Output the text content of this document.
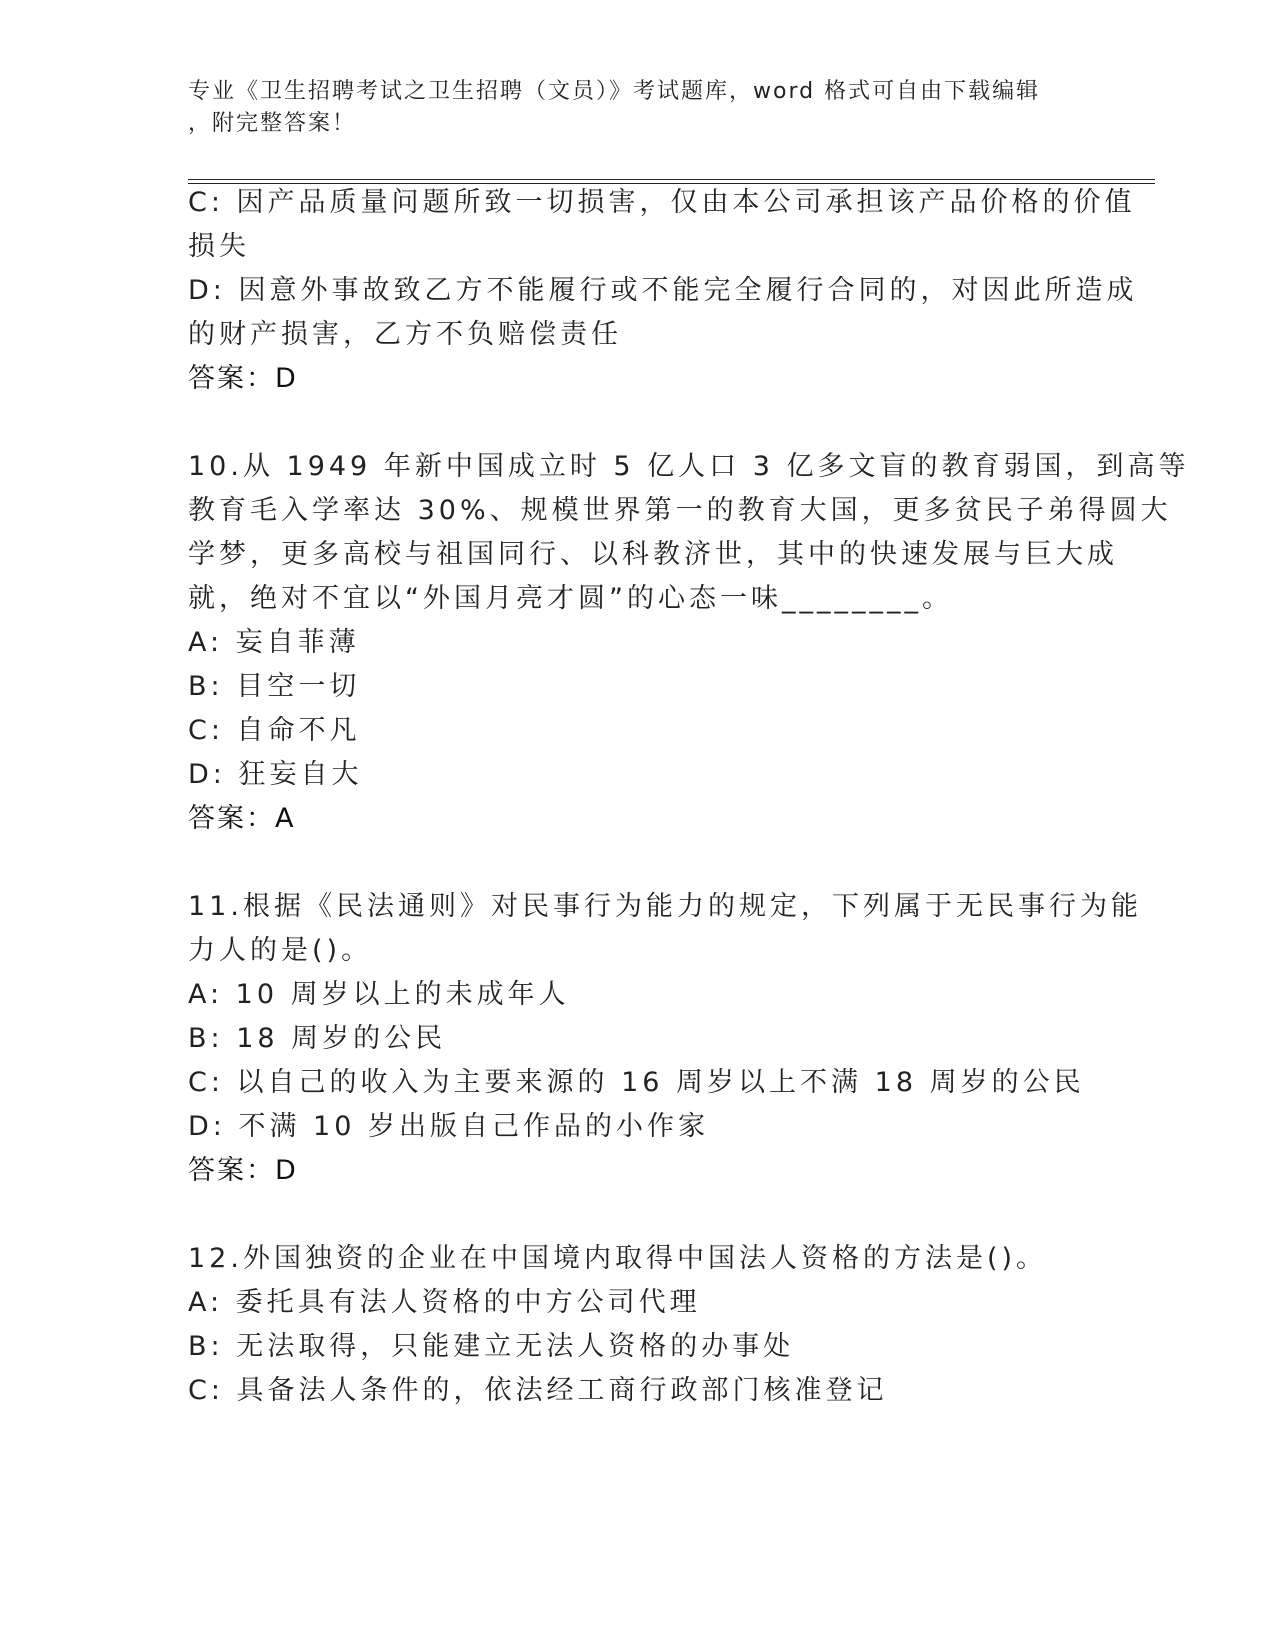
专业《卫生招聘考试之卫生招聘（文员）》考试题库，word 格式可自由下载编辑
，附完整答案！
C: 因产品质量问题所致一切损害，仅由本公司承担该产品价格的价值
损失
D: 因意外事故致乙方不能履行或不能完全履行合同的，对因此所造成
的财产损害，乙方不负赔偿责任
答案：D
10.从 1949 年新中国成立时 5 亿人口 3 亿多文盲的教育弱国，到高等
教育毛入学率达 30%、规模世界第一的教育大国，更多贫民子弟得圆大
学梦，更多高校与祖国同行、以科教济世，其中的快速发展与巨大成
就，绝对不宜以“外国月亮才圆”的心态一味________。
A: 妄自菲薄
B: 目空一切
C: 自命不凡
D: 狂妄自大
答案：A
11.根据《民法通则》对民事行为能力的规定，下列属于无民事行为能
力人的是()。
A: 10 周岁以上的未成年人
B: 18 周岁的公民
C: 以自己的收入为主要来源的 16 周岁以上不满 18 周岁的公民
D: 不满 10 岁出版自己作品的小作家
答案：D
12.外国独资的企业在中国境内取得中国法人资格的方法是()。
A: 委托具有法人资格的中方公司代理
B: 无法取得，只能建立无法人资格的办事处
C: 具备法人条件的，依法经工商行政部门核准登记
